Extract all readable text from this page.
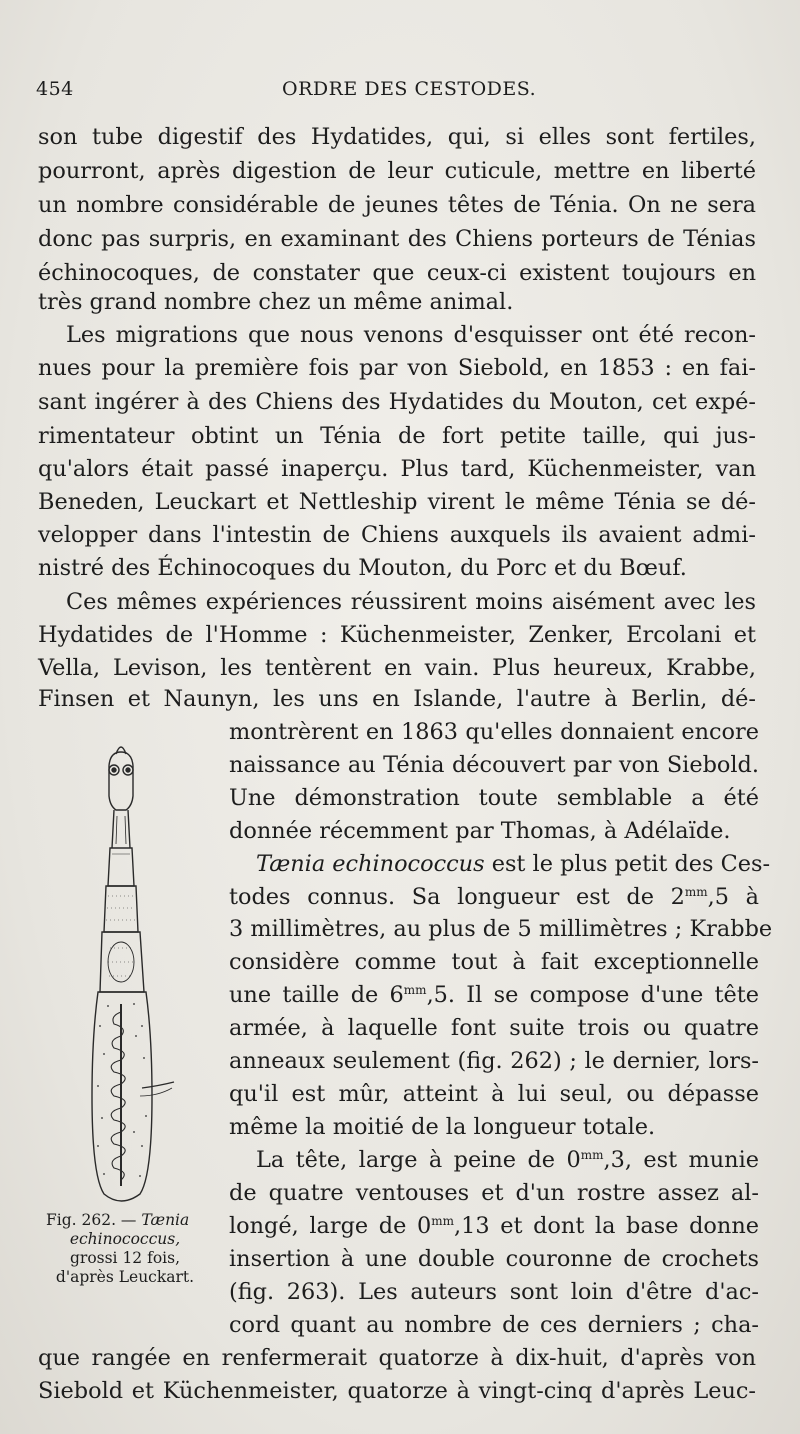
454	ORDRE DES CESTODES.
son tube digestif des Hydatides, qui, si elles sont fertiles,
pourront, après digestion de leur cuticule, mettre en liberté
un nombre considérable de jeunes têtes de Ténia. On ne sera
donc pas surpris, en examinant des Chiens porteurs de Ténias
échinocoques, de constater que ceux-ci existent toujours en
très grand nombre chez un même animal.
Les migrations que nous venons d'esquisser ont été recon-
nues pour la première fois par von Siebold, en 1853 : en fai-
sant ingérer à des Chiens des Hydatides du Mouton, cet expé-
rimentateur obtint un Ténia de fort petite taille, qui jus-
qu'alors était passé inaperçu. Plus tard, Küchenmeister, van
Beneden, Leuckart et Nettleship virent le même Ténia se dé-
velopper dans l'intestin de Chiens auxquels ils avaient admi-
nistré des Échinocoques du Mouton, du Porc et du Bœuf.
Ces mêmes expériences réussirent moins aisément avec les
Hydatides de l'Homme : Küchenmeister, Zenker, Ercolani et
Vella, Levison, les tentèrent en vain. Plus heureux, Krabbe,
Finsen et Naunyn, les uns en Islande, l'autre à Berlin, dé-
montrèrent en 1863 qu'elles donnaient encore
naissance au Ténia découvert par von Siebold.
Une démonstration toute semblable a été
donnée récemment par Thomas, à Adélaïde.
Tænia echinococcus est le plus petit des Ces-
todes connus. Sa longueur est de $2^{mm},5$ à
3 millimètres, au plus de 5 millimètres ; Krabbe
considère comme tout à fait exceptionnelle
une taille de $6^{mm},5$. Il se compose d'une tête
armée, à laquelle font suite trois ou quatre
anneaux seulement (fig. 262) ; le dernier, lors-
qu'il est mûr, atteint à lui seul, ou dépasse
même la moitié de la longueur totale.
La tête, large à peine de $0^{mm},3$, est munie
de quatre ventouses et d'un rostre assez al-
longé, large de $0^{mm},13$ et dont la base donne
insertion à une double couronne de crochets
(fig. 263). Les auteurs sont loin d'être d'ac-
cord quant au nombre de ces derniers ; cha-
que rangée en renfermerait quatorze à dix-huit, d'après von
Siebold et Küchenmeister, quatorze à vingt-cinq d'après Leuc-
Fig. 262. — Tænia
echinococcus,
grossi 12 fois,
d'après Leuckart.
